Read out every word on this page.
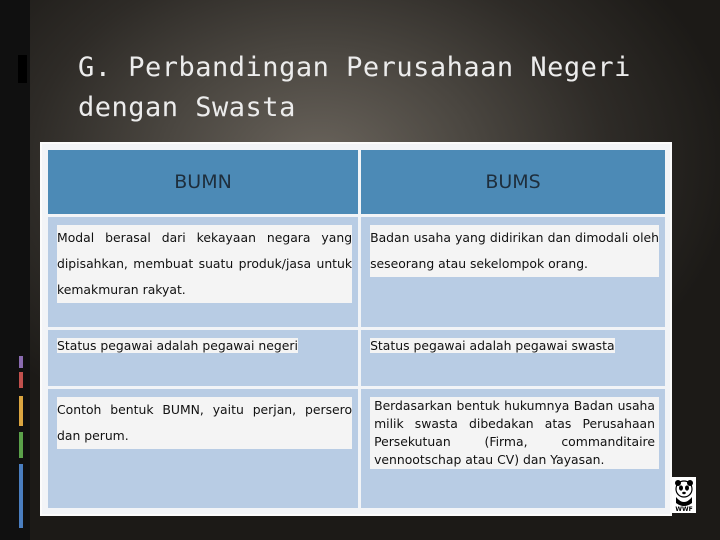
G. Perbandingan Perusahaan Negeri dengan Swasta
BUMN	BUMS

Modal berasal dari kekayaan negara yang dipisahkan, membuat suatu produk/jasa untuk kemakmuran rakyat.	Badan usaha yang didirikan dan dimodali oleh seseorang atau sekelompok orang.

Status pegawai adalah pegawai negeri	Status pegawai adalah pegawai swasta

Contoh bentuk BUMN, yaitu perjan, persero dan perum.	Berdasarkan bentuk hukumnya Badan usaha milik swasta dibedakan atas Perusahaan Persekutuan (Firma, commanditaire vennootschap atau CV) dan Yayasan.
WWF
